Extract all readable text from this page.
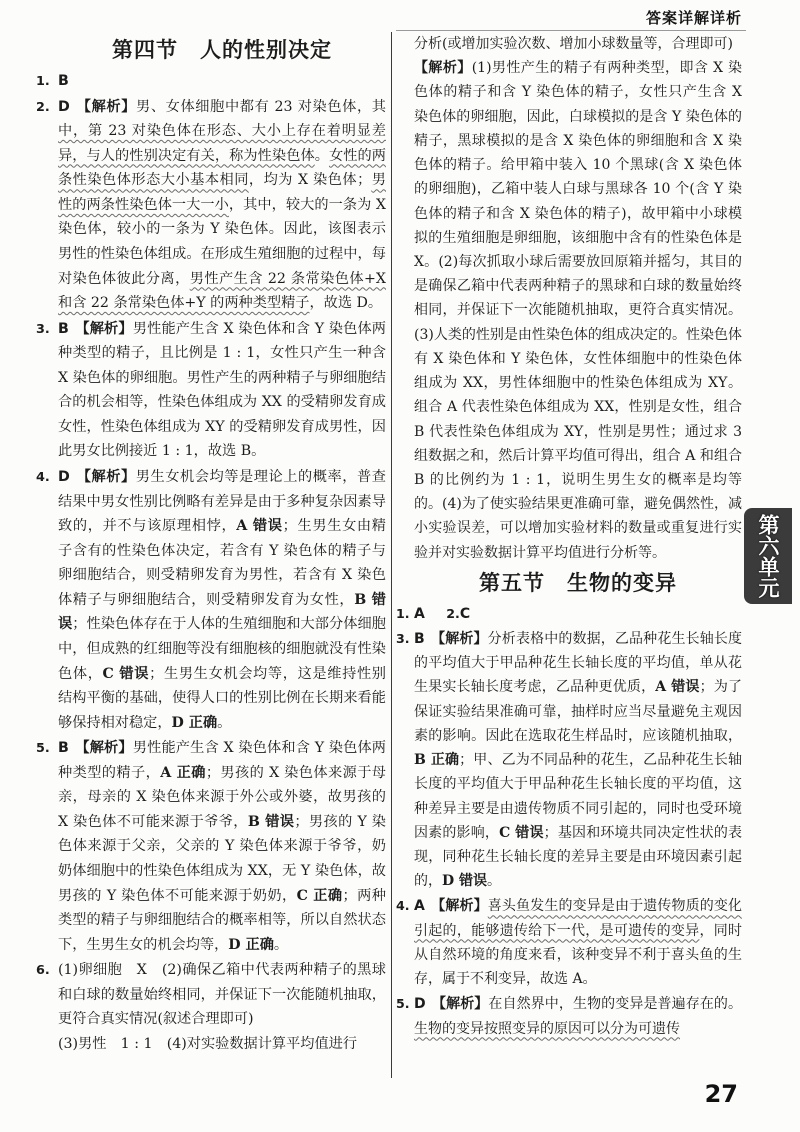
答案详解详析
第四节　人的性别决定
1. B
2. D 【解析】男、女体细胞中都有 23 对染色体，其中，第 23 对染色体在形态、大小上存在着明显差异，与人的性别决定有关，称为性染色体。女性的两条性染色体形态大小基本相同，均为 X 染色体；男性的两条性染色体一大一小，其中，较大的一条为 X 染色体，较小的一条为 Y 染色体。因此，该图表示男性的性染色体组成。在形成生殖细胞的过程中，每对染色体彼此分离，男性产生含 22 条常染色体+X 和含 22 条常染色体+Y 的两种类型精子，故选 D。
3. B 【解析】男性能产生含 X 染色体和含 Y 染色体两种类型的精子，且比例是 1 : 1，女性只产生一种含 X 染色体的卵细胞。男性产生的两种精子与卵细胞结合的机会相等，性染色体组成为 XX 的受精卵发育成女性，性染色体组成为 XY 的受精卵发育成男性，因此男女比例接近 1 : 1，故选 B。
4. D 【解析】男生女机会均等是理论上的概率，普查结果中男女性别比例略有差异是由于多种复杂因素导致的，并不与该原理相悖，A 错误；生男生女由精子含有的性染色体决定，若含有 Y 染色体的精子与卵细胞结合，则受精卵发育为男性，若含有 X 染色体精子与卵细胞结合，则受精卵发育为女性，B 错误；性染色体存在于人体的生殖细胞和大部分体细胞中，但成熟的红细胞等没有细胞核的细胞就没有性染色体，C 错误；生男生女机会均等，这是维持性别结构平衡的基础，使得人口的性别比例在长期来看能够保持相对稳定，D 正确。
5. B 【解析】男性能产生含 X 染色体和含 Y 染色体两种类型的精子，A 正确；男孩的 X 染色体来源于母亲，母亲的 X 染色体来源于外公或外婆，故男孩的 X 染色体不可能来源于爷爷，B 错误；男孩的 Y 染色体来源于父亲，父亲的 Y 染色体来源于爷爷，奶奶体细胞中的性染色体组成为 XX，无 Y 染色体，故男孩的 Y 染色体不可能来源于奶奶，C 正确；两种类型的精子与卵细胞结合的概率相等，所以自然状态下，生男生女的机会均等，D 正确。
6. (1)卵细胞　X　(2)确保乙箱中代表两种精子的黑球和白球的数量始终相同，并保证下一次能随机抽取，更符合真实情况(叙述合理即可)
(3)男性　1 : 1　(4)对实验数据计算平均值进行
分析(或增加实验次数、增加小球数量等，合理即可)
【解析】(1)男性产生的精子有两种类型，即含 X 染色体的精子和含 Y 染色体的精子，女性只产生含 X 染色体的卵细胞，因此，白球模拟的是含 Y 染色体的精子，黑球模拟的是含 X 染色体的卵细胞和含 X 染色体的精子。给甲箱中装入 10 个黑球(含 X 染色体的卵细胞)，乙箱中装人白球与黑球各 10 个(含 Y 染色体的精子和含 X 染色体的精子)，故甲箱中小球模拟的生殖细胞是卵细胞，该细胞中含有的性染色体是 X。(2)每次抓取小球后需要放回原箱并摇匀，其目的是确保乙箱中代表两种精子的黑球和白球的数量始终相同，并保证下一次能随机抽取，更符合真实情况。(3)人类的性别是由性染色体的组成决定的。性染色体有 X 染色体和 Y 染色体，女性体细胞中的性染色体组成为 XX，男性体细胞中的性染色体组成为 XY。组合 A 代表性染色体组成为 XX，性别是女性，组合 B 代表性染色体组成为 XY，性别是男性；通过求 3 组数据之和，然后计算平均值可得出，组合 A 和组合 B 的比例约为 1 : 1，说明生男生女的概率是均等的。(4)为了使实验结果更准确可靠，避免偶然性，减小实验误差，可以增加实验材料的数量或重复进行实验并对实验数据计算平均值进行分析等。
第五节　生物的变异
1. A 2.C
3. B 【解析】分析表格中的数据，乙品种花生长轴长度的平均值大于甲品种花生长轴长度的平均值，单从花生果实长轴长度考虑，乙品种更优质，A 错误；为了保证实验结果准确可靠，抽样时应当尽量避免主观因素的影响。因此在选取花生样品时，应该随机抽取，B 正确；甲、乙为不同品种的花生，乙品种花生长轴长度的平均值大于甲品种花生长轴长度的平均值，这种差异主要是由遗传物质不同引起的，同时也受环境因素的影响，C 错误；基因和环境共同决定性状的表现，同种花生长轴长度的差异主要是由环境因素引起的，D 错误。
4. A 【解析】喜头鱼发生的变异是由于遗传物质的变化引起的，能够遗传给下一代，是可遗传的变异，同时从自然环境的角度来看，该种变异不利于喜头鱼的生存，属于不利变异，故选 A。
5. D 【解析】在自然界中，生物的变异是普遍存在的。生物的变异按照变异的原因可以分为可遗传
第六单元
27
